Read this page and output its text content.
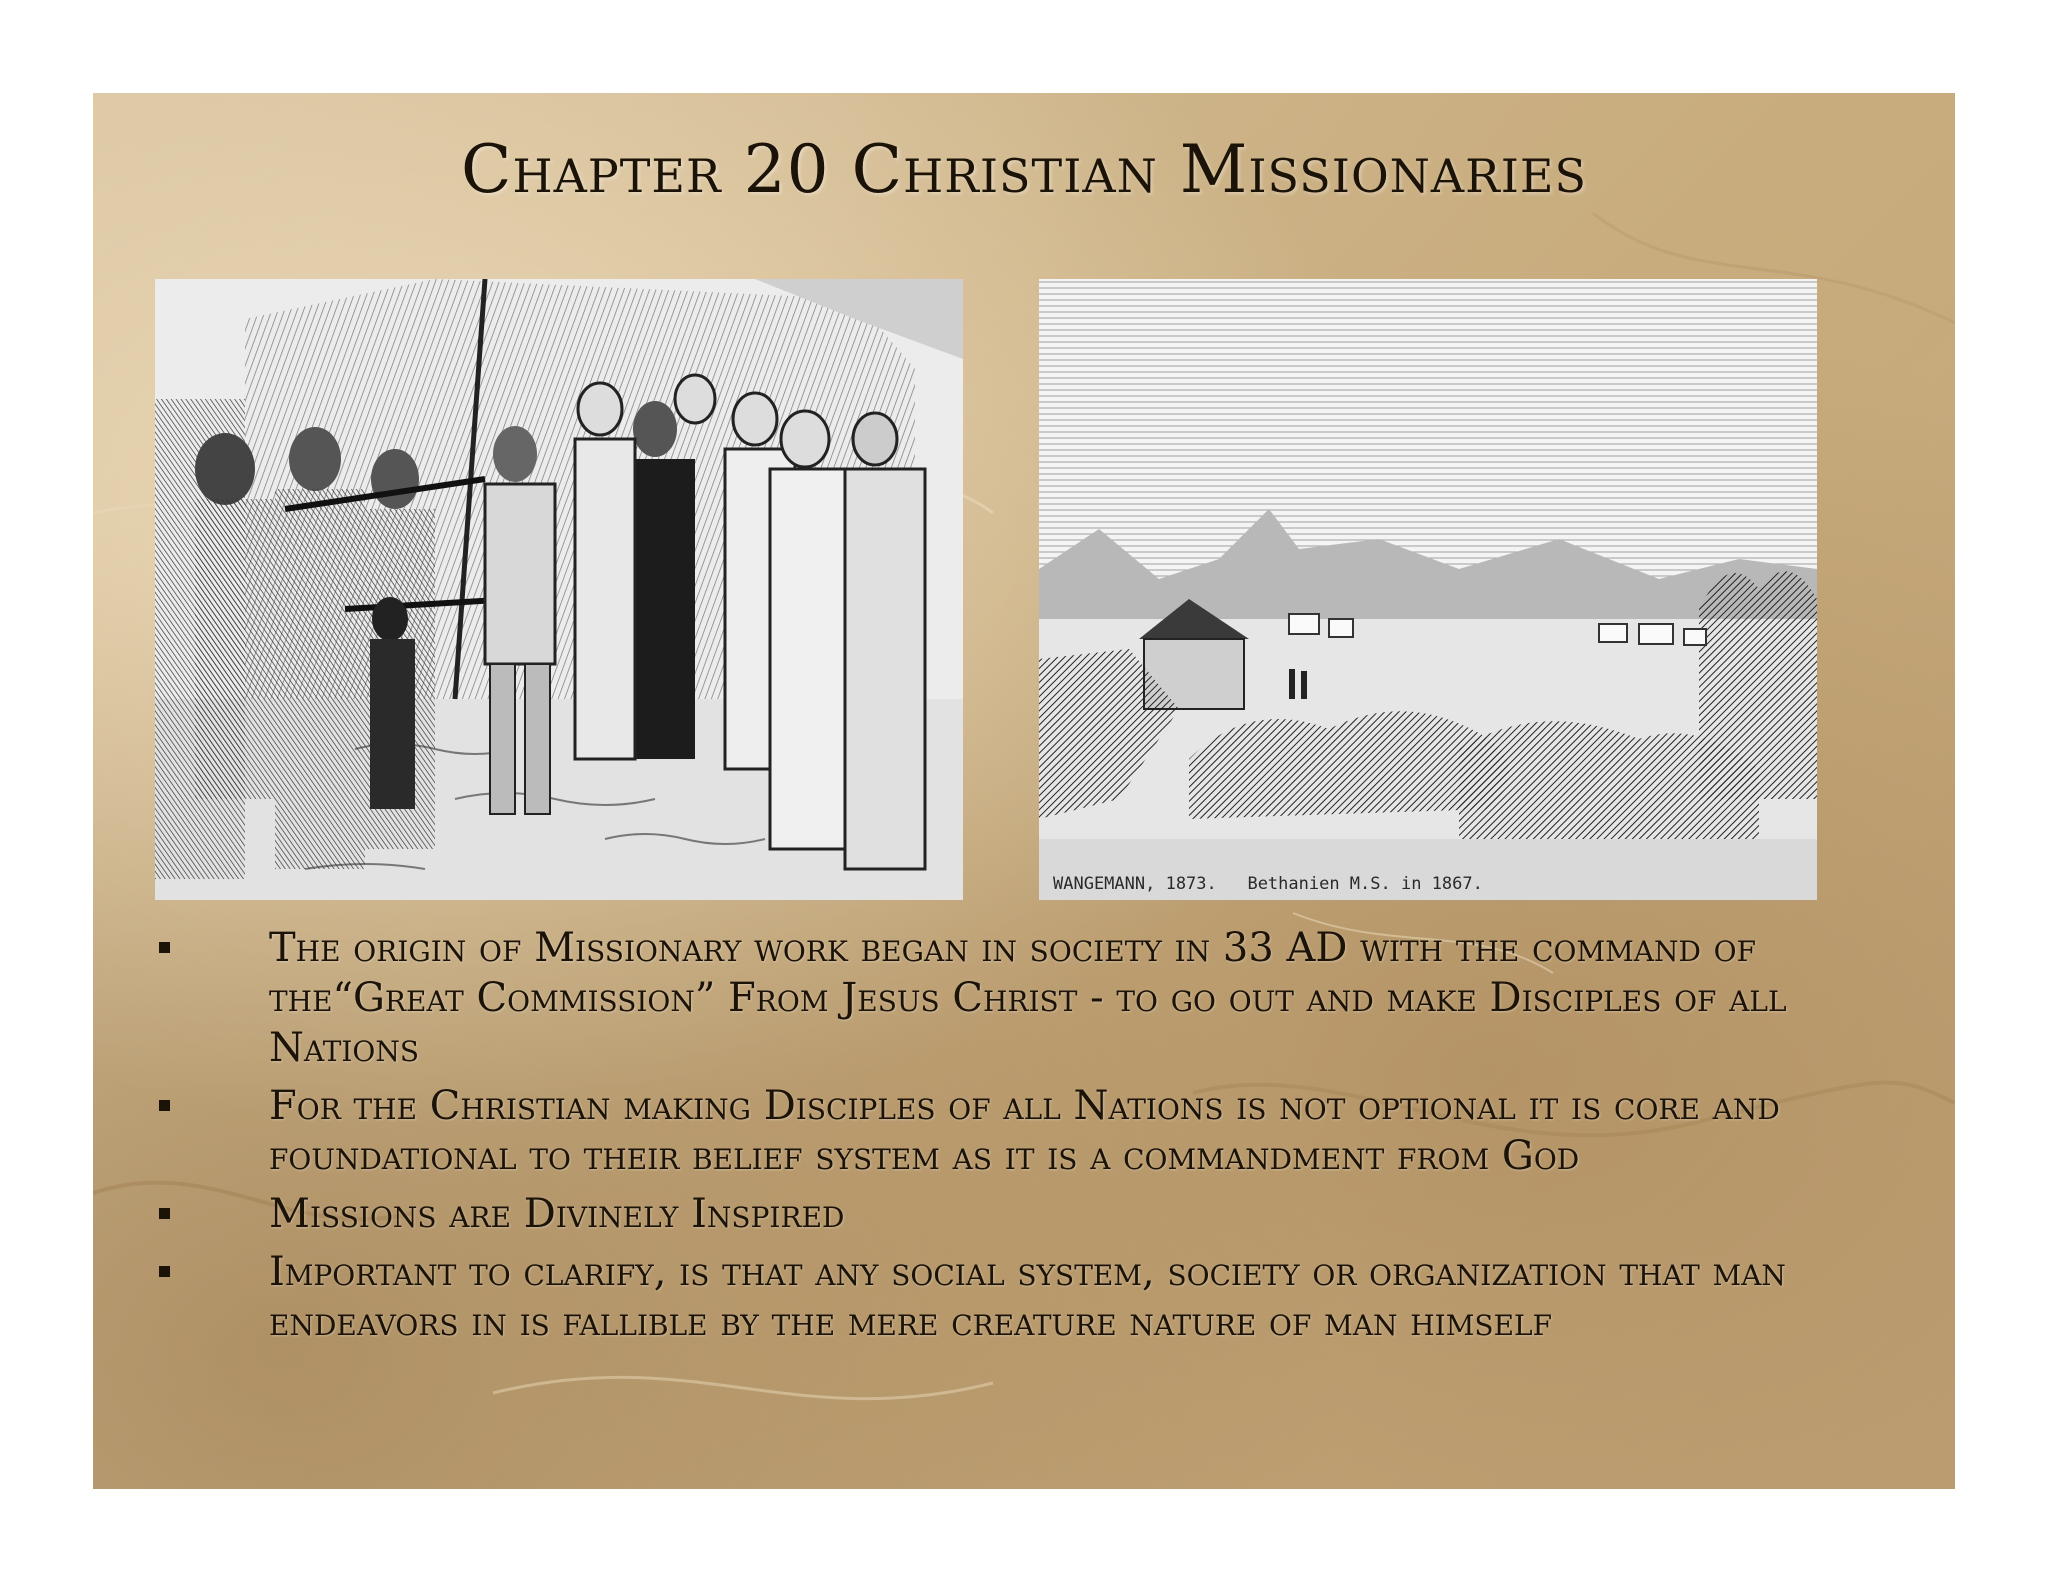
Chapter 20 Christian Missionaries
WANGEMANN, 1873.   Bethanien M.S. in 1867.
The origin of Missionary work began in society in 33 AD with the command of the“Great Commission” From Jesus Christ - to go out and make Disciples of all Nations
For the Christian making Disciples of all Nations is not optional it is core and foundational to their belief system as it is a commandment from God
Missions are Divinely Inspired
Important to clarify, is that any social system, society or organization that man endeavors in is fallible by the mere creature nature of man himself
